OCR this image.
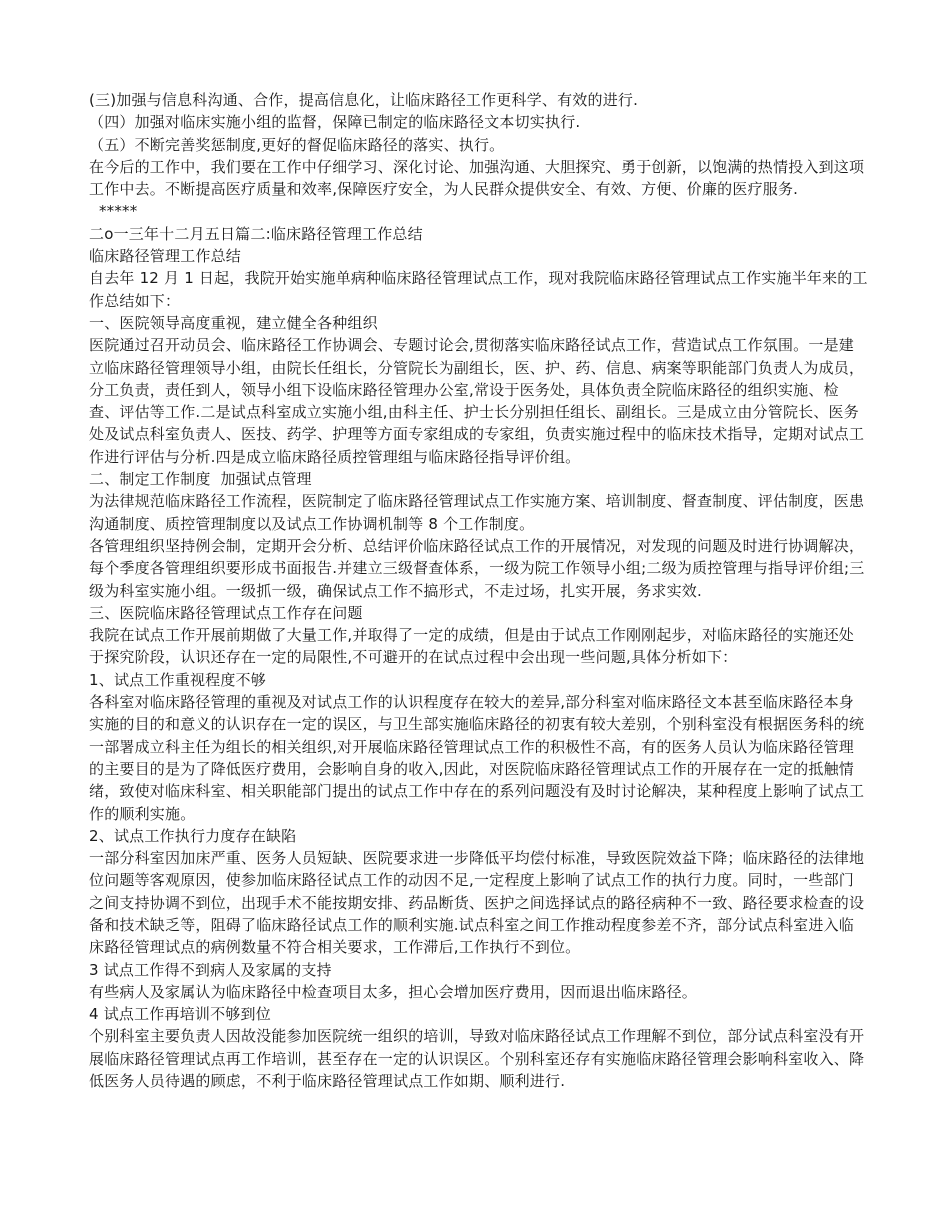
(三)加强与信息科沟通、合作，提高信息化，让临床路径工作更科学、有效的进行.
（四）加强对临床实施小组的监督，保障已制定的临床路径文本切实执行.
（五）不断完善奖惩制度,更好的督促临床路径的落实、执行。
在今后的工作中，我们要在工作中仔细学习、深化讨论、加强沟通、大胆探究、勇于创新，以饱满的热情投入到这项工作中去。不断提高医疗质量和效率,保障医疗安全，为人民群众提供安全、有效、方便、价廉的医疗服务.
*****
二o一三年十二月五日篇二:临床路径管理工作总结
临床路径管理工作总结
自去年 12 月 1 日起，我院开始实施单病种临床路径管理试点工作，现对我院临床路径管理试点工作实施半年来的工作总结如下：
一、医院领导高度重视，建立健全各种组织
医院通过召开动员会、临床路径工作协调会、专题讨论会,贯彻落实临床路径试点工作，营造试点工作氛围。一是建立临床路径管理领导小组，由院长任组长，分管院长为副组长，医、护、药、信息、病案等职能部门负责人为成员，分工负责，责任到人，领导小组下设临床路径管理办公室,常设于医务处，具体负责全院临床路径的组织实施、检查、评估等工作.二是试点科室成立实施小组,由科主任、护士长分别担任组长、副组长。三是成立由分管院长、医务处及试点科室负责人、医技、药学、护理等方面专家组成的专家组，负责实施过程中的临床技术指导，定期对试点工作进行评估与分析.四是成立临床路径质控管理组与临床路径指导评价组。
二、制定工作制度  加强试点管理
为法律规范临床路径工作流程，医院制定了临床路径管理试点工作实施方案、培训制度、督查制度、评估制度，医患沟通制度、质控管理制度以及试点工作协调机制等 8 个工作制度。
各管理组织坚持例会制，定期开会分析、总结评价临床路径试点工作的开展情况，对发现的问题及时进行协调解决，每个季度各管理组织要形成书面报告.并建立三级督查体系，一级为院工作领导小组;二级为质控管理与指导评价组;三级为科室实施小组。一级抓一级，确保试点工作不搞形式，不走过场，扎实开展，务求实效.
三、医院临床路径管理试点工作存在问题
我院在试点工作开展前期做了大量工作,并取得了一定的成绩，但是由于试点工作刚刚起步，对临床路径的实施还处于探究阶段，认识还存在一定的局限性,不可避开的在试点过程中会出现一些问题,具体分析如下：
1、试点工作重视程度不够
各科室对临床路径管理的重视及对试点工作的认识程度存在较大的差异,部分科室对临床路径文本甚至临床路径本身实施的目的和意义的认识存在一定的误区，与卫生部实施临床路径的初衷有较大差别，个别科室没有根据医务科的统一部署成立科主任为组长的相关组织,对开展临床路径管理试点工作的积极性不高，有的医务人员认为临床路径管理的主要目的是为了降低医疗费用，会影响自身的收入,因此，对医院临床路径管理试点工作的开展存在一定的抵触情绪，致使对临床科室、相关职能部门提出的试点工作中存在的系列问题没有及时讨论解决，某种程度上影响了试点工作的顺利实施。
2、试点工作执行力度存在缺陷
一部分科室因加床严重、医务人员短缺、医院要求进一步降低平均偿付标准，导致医院效益下降；临床路径的法律地位问题等客观原因，使参加临床路径试点工作的动因不足,一定程度上影响了试点工作的执行力度。同时，一些部门之间支持协调不到位，出现手术不能按期安排、药品断货、医护之间选择试点的路径病种不一致、路径要求检查的设备和技术缺乏等，阻碍了临床路径试点工作的顺利实施.试点科室之间工作推动程度参差不齐，部分试点科室进入临床路径管理试点的病例数量不符合相关要求，工作滞后,工作执行不到位。
3 试点工作得不到病人及家属的支持
有些病人及家属认为临床路径中检查项目太多，担心会增加医疗费用，因而退出临床路径。
4 试点工作再培训不够到位
个别科室主要负责人因故没能参加医院统一组织的培训，导致对临床路径试点工作理解不到位，部分试点科室没有开展临床路径管理试点再工作培训，甚至存在一定的认识误区。个别科室还存有实施临床路径管理会影响科室收入、降低医务人员待遇的顾虑，不利于临床路径管理试点工作如期、顺利进行.
